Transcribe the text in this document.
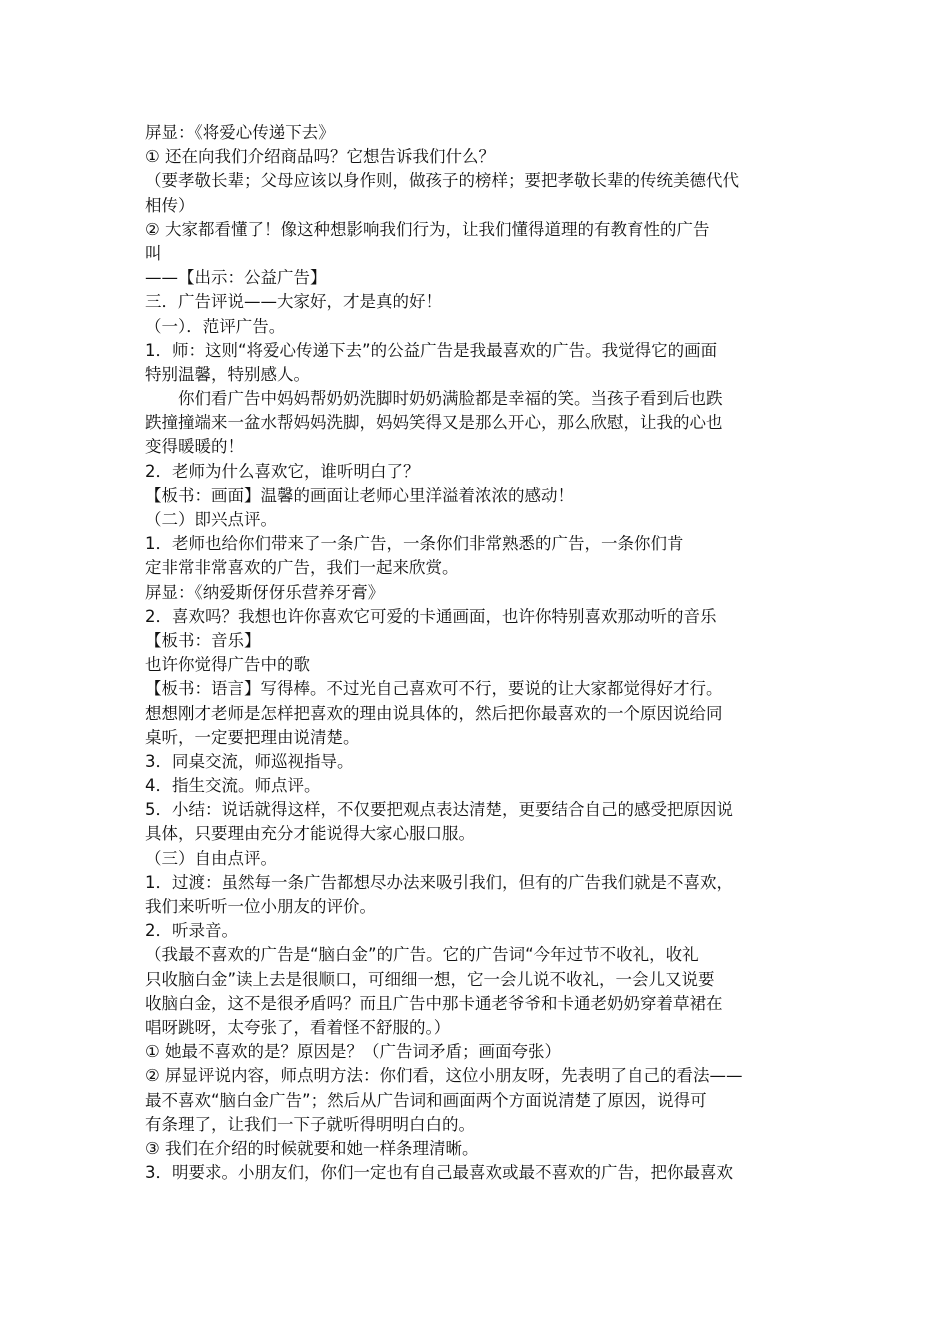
屏显：《将爱心传递下去》
① 还在向我们介绍商品吗？它想告诉我们什么？
（要孝敬长辈；父母应该以身作则，做孩子的榜样；要把孝敬长辈的传统美德代代
相传）
② 大家都看懂了！像这种想影响我们行为，让我们懂得道理的有教育性的广告
叫
——【出示：公益广告】
三．广告评说——大家好，才是真的好！
（一）．范评广告。
1．师：这则“将爱心传递下去”的公益广告是我最喜欢的广告。我觉得它的画面
特别温馨，特别感人。
你们看广告中妈妈帮奶奶洗脚时奶奶满脸都是幸福的笑。当孩子看到后也跌
跌撞撞端来一盆水帮妈妈洗脚，妈妈笑得又是那么开心，那么欣慰，让我的心也
变得暖暖的！
2．老师为什么喜欢它，谁听明白了？
【板书：画面】温馨的画面让老师心里洋溢着浓浓的感动！
（二）即兴点评。
1．老师也给你们带来了一条广告，一条你们非常熟悉的广告，一条你们肯
定非常非常喜欢的广告，我们一起来欣赏。
屏显：《纳爱斯伢伢乐营养牙膏》
2．喜欢吗？我想也许你喜欢它可爱的卡通画面，也许你特别喜欢那动听的音乐
【板书：音乐】
也许你觉得广告中的歌
【板书：语言】写得棒。不过光自己喜欢可不行，要说的让大家都觉得好才行。
想想刚才老师是怎样把喜欢的理由说具体的，然后把你最喜欢的一个原因说给同
桌听，一定要把理由说清楚。
3．同桌交流，师巡视指导。
4．指生交流。师点评。
5．小结：说话就得这样，不仅要把观点表达清楚，更要结合自己的感受把原因说
具体，只要理由充分才能说得大家心服口服。
（三）自由点评。
1．过渡：虽然每一条广告都想尽办法来吸引我们，但有的广告我们就是不喜欢，
我们来听听一位小朋友的评价。
2．听录音。
（我最不喜欢的广告是“脑白金”的广告。它的广告词“今年过节不收礼，收礼
只收脑白金”读上去是很顺口，可细细一想，它一会儿说不收礼，一会儿又说要
收脑白金，这不是很矛盾吗？而且广告中那卡通老爷爷和卡通老奶奶穿着草裙在
唱呀跳呀，太夸张了，看着怪不舒服的。）
① 她最不喜欢的是？原因是？（广告词矛盾；画面夸张）
② 屏显评说内容，师点明方法：你们看，这位小朋友呀，先表明了自己的看法——
最不喜欢“脑白金广告”；然后从广告词和画面两个方面说清楚了原因，说得可
有条理了，让我们一下子就听得明明白白的。
③ 我们在介绍的时候就要和她一样条理清晰。
3．明要求。小朋友们，你们一定也有自己最喜欢或最不喜欢的广告，把你最喜欢
